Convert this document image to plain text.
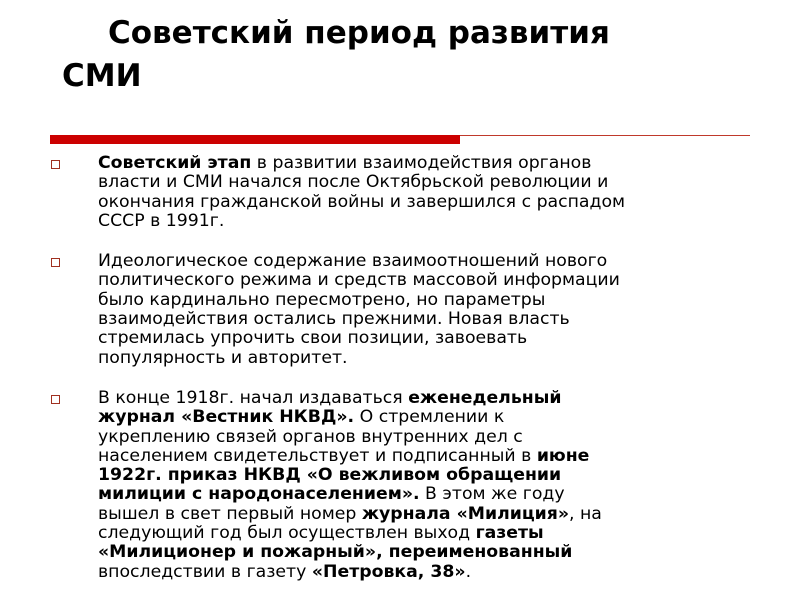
Советский период развития
СМИ
Советский этап в развитии взаимодействия органов
власти и СМИ начался после Октябрьской революции и
окончания гражданской войны и завершился с распадом
СССР в 1991г.
Идеологическое содержание взаимоотношений нового
политического режима и средств массовой информации
было кардинально пересмотрено, но параметры
взаимодействия остались прежними. Новая власть
стремилась упрочить свои позиции, завоевать
популярность и авторитет.
В конце 1918г. начал издаваться еженедельный
журнал «Вестник НКВД». О стремлении к
укреплению связей органов внутренних дел с
населением свидетельствует и подписанный в июне
1922г. приказ НКВД «О вежливом обращении
милиции с народонаселением». В этом же году
вышел в свет первый номер журнала «Милиция», на
следующий год был осуществлен выход газеты
«Милиционер и пожарный», переименованный
впоследствии в газету «Петровка, 38».
